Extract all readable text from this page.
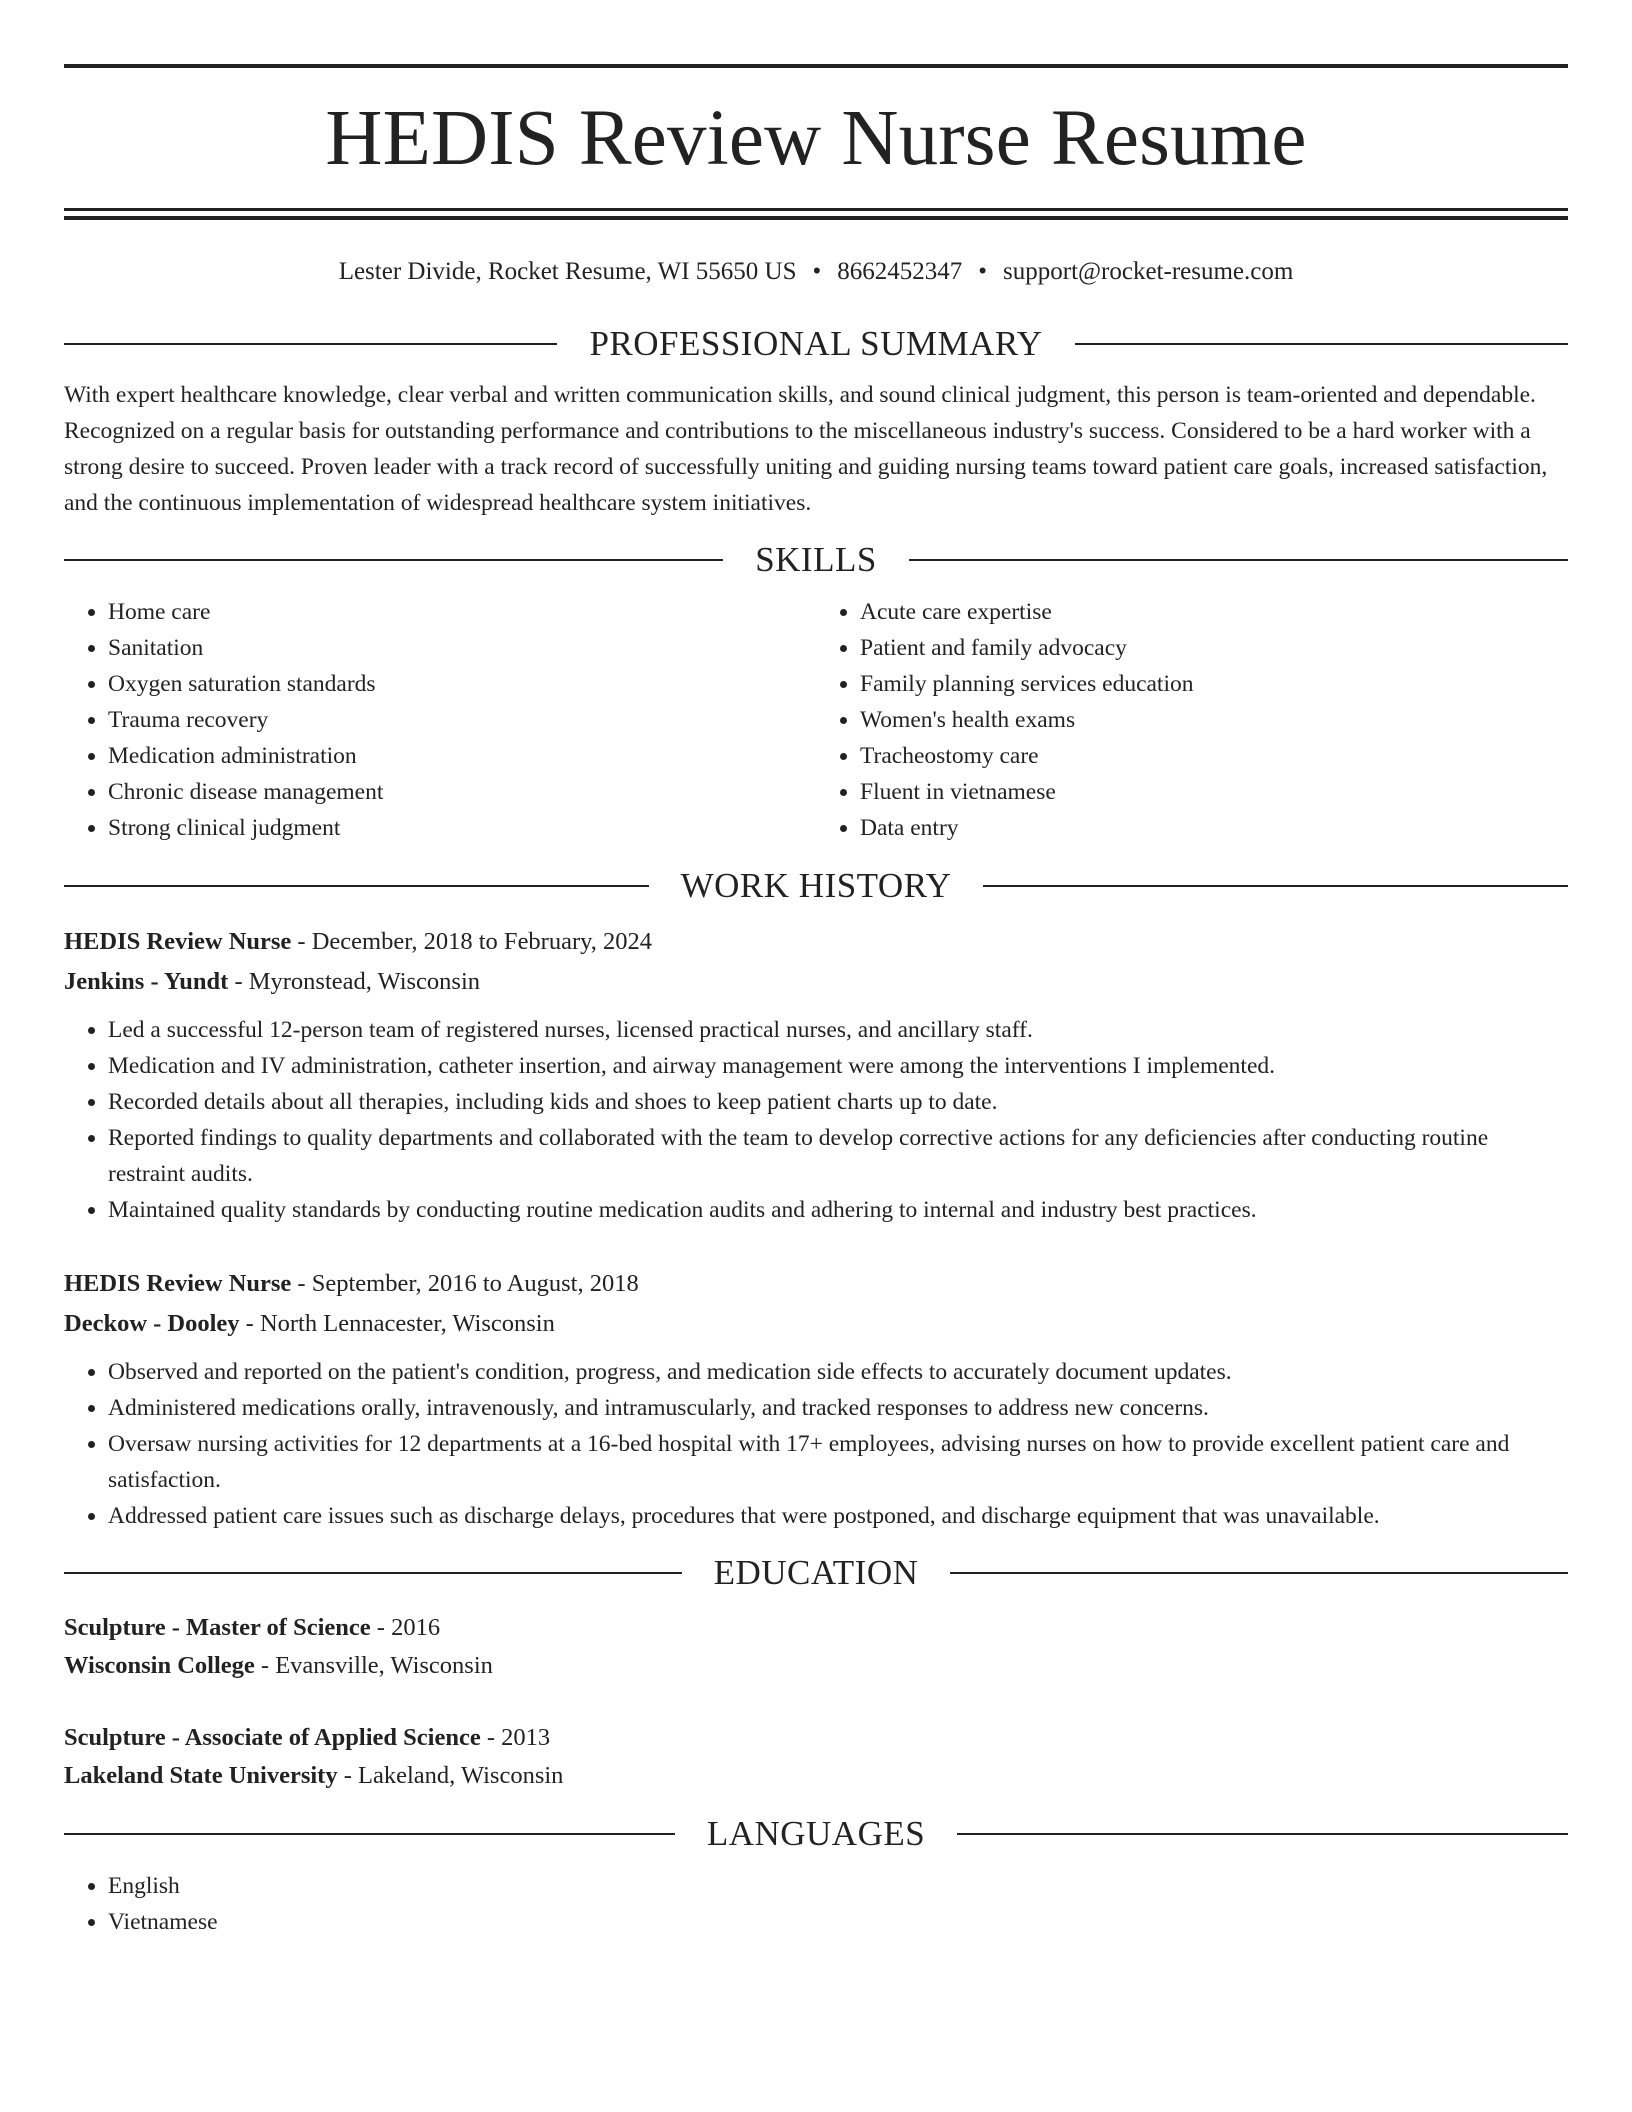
HEDIS Review Nurse Resume
Lester Divide, Rocket Resume, WI 55650 US • 8662452347 • support@rocket-resume.com
PROFESSIONAL SUMMARY

With expert healthcare knowledge, clear verbal and written communication skills, and sound clinical judgment, this person is team-oriented and dependable. Recognized on a regular basis for outstanding performance and contributions to the miscellaneous industry's success. Considered to be a hard worker with a strong desire to succeed. Proven leader with a track record of successfully uniting and guiding nursing teams toward patient care goals, increased satisfaction, and the continuous implementation of widespread healthcare system initiatives.

SKILLS
• Home care
• Sanitation
• Oxygen saturation standards
• Trauma recovery
• Medication administration
• Chronic disease management
• Strong clinical judgment
• Acute care expertise
• Patient and family advocacy
• Family planning services education
• Women's health exams
• Tracheostomy care
• Fluent in vietnamese
• Data entry
WORK HISTORY
HEDIS Review Nurse - December, 2018 to February, 2024
Jenkins - Yundt - Myronstead, Wisconsin
• Led a successful 12-person team of registered nurses, licensed practical nurses, and ancillary staff.
• Medication and IV administration, catheter insertion, and airway management were among the interventions I implemented.
• Recorded details about all therapies, including kids and shoes to keep patient charts up to date.
• Reported findings to quality departments and collaborated with the team to develop corrective actions for any deficiencies after conducting routine restraint audits.
• Maintained quality standards by conducting routine medication audits and adhering to internal and industry best practices.
HEDIS Review Nurse - September, 2016 to August, 2018
Deckow - Dooley - North Lennacester, Wisconsin
• Observed and reported on the patient's condition, progress, and medication side effects to accurately document updates.
• Administered medications orally, intravenously, and intramuscularly, and tracked responses to address new concerns.
• Oversaw nursing activities for 12 departments at a 16-bed hospital with 17+ employees, advising nurses on how to provide excellent patient care and satisfaction.
• Addressed patient care issues such as discharge delays, procedures that were postponed, and discharge equipment that was unavailable.
EDUCATION
Sculpture - Master of Science - 2016
Wisconsin College - Evansville, Wisconsin
Sculpture - Associate of Applied Science - 2013
Lakeland State University - Lakeland, Wisconsin
LANGUAGES
• English
• Vietnamese
